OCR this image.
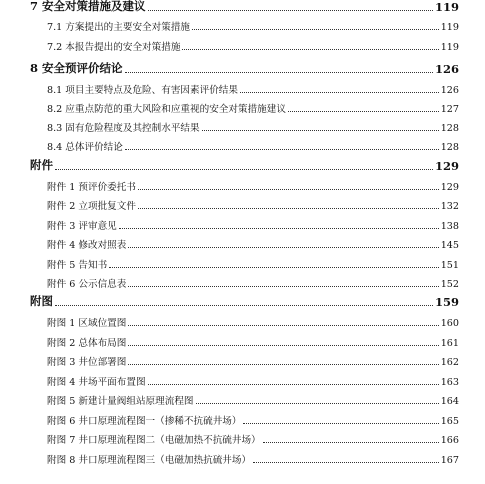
7 安全对策措施及建议	119
7.1 方案提出的主要安全对策措施	119
7.2 本报告提出的安全对策措施	119
8 安全预评价结论	126
8.1 项目主要特点及危险、有害因素评价结果	126
8.2 应重点防范的重大风险和应重视的安全对策措施建议	127
8.3 固有危险程度及其控制水平结果	128
8.4 总体评价结论	128
附件	129
附件 1 预评价委托书	129
附件 2 立项批复文件	132
附件 3 评审意见	138
附件 4 修改对照表	145
附件 5 告知书	151
附件 6 公示信息表	152
附图	159
附图 1 区域位置图	160
附图 2 总体布局图	161
附图 3 井位部署图	162
附图 4 井场平面布置图	163
附图 5 新建计量阀组站原理流程图	164
附图 6 井口原理流程图一（掺稀不抗硫井场）	165
附图 7 井口原理流程图二（电磁加热不抗硫井场）	166
附图 8 井口原理流程图三（电磁加热抗硫井场）	167
